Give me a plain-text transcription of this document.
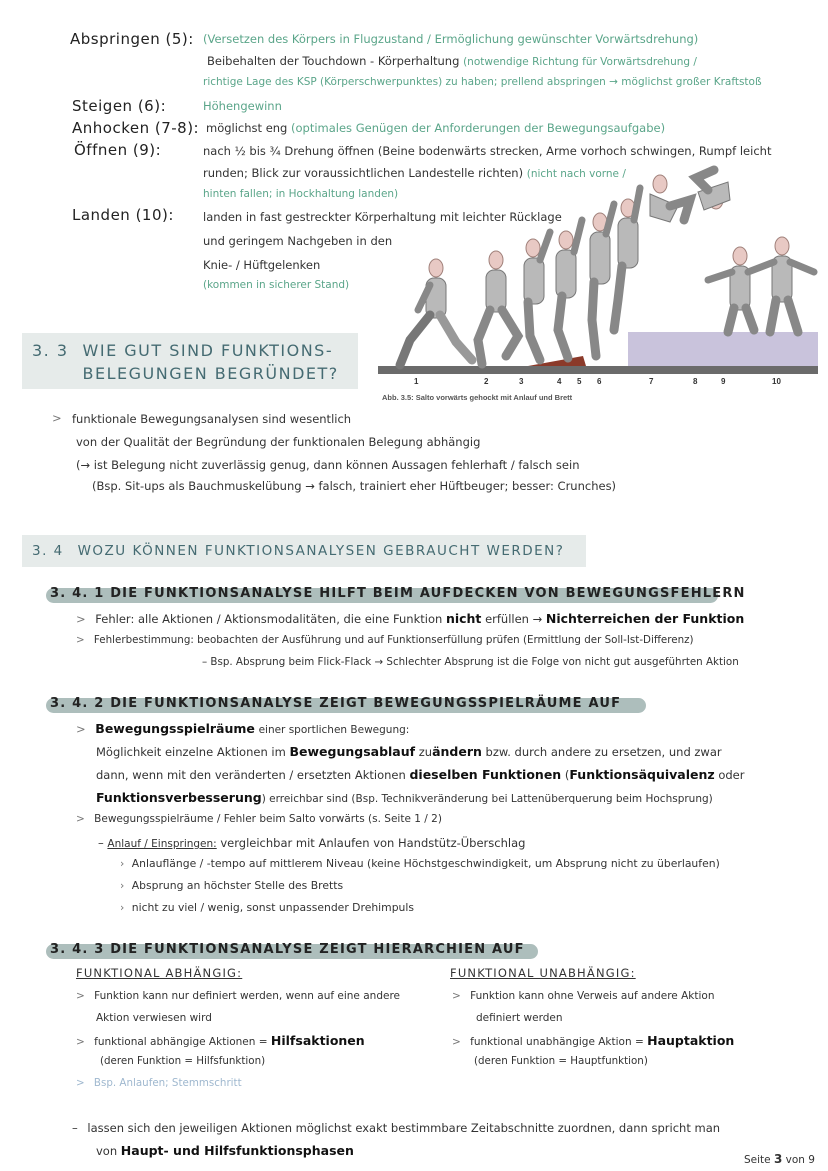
Abspringen (5): (Versetzen des Körpers in Flugzustand / Ermöglichung gewünschter Vorwärtsdrehung)
Beibehalten der Touchdown - Körperhaltung (notwendige Richtung für Vorwärtsdrehung /
richtige Lage des KSP (Körperschwerpunktes) zu haben; prellend abspringen → möglichst großer Kraftstoß
Steigen (6):	Höhengewinn
Anhocken (7-8): möglichst eng (optimales Genügen der Anforderungen der Bewegungsaufgabe)
Öffnen (9):	nach ½ bis ¾ Drehung öffnen (Beine bodenwärts strecken, Arme vorhoch schwingen, Rumpf leicht
runden; Blick zur voraussichtlichen Landestelle richten) (nicht nach vorne /
hinten fallen; in Hockhaltung landen)
Landen (10):	landen in fast gestreckter Körperhaltung mit leichter Rücklage
und geringem Nachgeben in den
Knie- / Hüftgelenken
(kommen in sicherer Stand)
1	2	3	4 5 6	7	8	9	10
Abb. 3.5: Salto vorwärts gehockt mit Anlauf und Brett
3. 3 WIE GUT SIND FUNKTIONS-
BELEGUNGEN BEGRÜNDET?
> funktionale Bewegungsanalysen sind wesentlich
von der Qualität der Begründung der funktionalen Belegung abhängig
(→ ist Belegung nicht zuverlässig genug, dann können Aussagen fehlerhaft / falsch sein
(Bsp. Sit-ups als Bauchmuskelübung → falsch, trainiert eher Hüftbeuger; besser: Crunches)
3. 4 WOZU KÖNNEN FUNKTIONSANALYSEN GEBRAUCHT WERDEN?
3. 4. 1 DIE FUNKTIONSANALYSE HILFT BEIM AUFDECKEN VON BEWEGUNGSFEHLERN
> Fehler: alle Aktionen / Aktionsmodalitäten, die eine Funktion nicht erfüllen → Nichterreichen der Funktion
> Fehlerbestimmung: beobachten der Ausführung und auf Funktionserfüllung prüfen (Ermittlung der Soll-Ist-Differenz)
– Bsp. Absprung beim Flick-Flack → Schlechter Absprung ist die Folge von nicht gut ausgeführten Aktion
3. 4. 2 DIE FUNKTIONSANALYSE ZEIGT BEWEGUNGSSPIELRÄUME AUF
> Bewegungsspielräume einer sportlichen Bewegung:
Möglichkeit einzelne Aktionen im Bewegungsablauf zuändern bzw. durch andere zu ersetzen, und zwar
dann, wenn mit den veränderten / ersetzten Aktionen dieselben Funktionen (Funktionsäquivalenz oder
Funktionsverbesserung) erreichbar sind (Bsp. Technikveränderung bei Lattenüberquerung beim Hochsprung)
> Bewegungsspielräume / Fehler beim Salto vorwärts (s. Seite 1 / 2)
– Anlauf / Einspringen: vergleichbar mit Anlaufen von Handstütz-Überschlag
› Anlauflänge / -tempo auf mittlerem Niveau (keine Höchstgeschwindigkeit, um Absprung nicht zu überlaufen)
› Absprung an höchster Stelle des Bretts
› nicht zu viel / wenig, sonst unpassender Drehimpuls
3. 4. 3 DIE FUNKTIONSANALYSE ZEIGT HIERARCHIEN AUF
FUNKTIONAL ABHÄNGIG:
> Funktion kann nur definiert werden, wenn auf eine andere
Aktion verwiesen wird
> funktional abhängige Aktionen = Hilfsaktionen
(deren Funktion = Hilfsfunktion)
> Bsp. Anlaufen; Stemmschritt
FUNKTIONAL UNABHÄNGIG:
> Funktion kann ohne Verweis auf andere Aktion
definiert werden
> funktional unabhängige Aktion = Hauptaktion
(deren Funktion = Hauptfunktion)
– lassen sich den jeweiligen Aktionen möglichst exakt bestimmbare Zeitabschnitte zuordnen, dann spricht man
von Haupt- und Hilfsfunktionsphasen
Seite 3 von 9
